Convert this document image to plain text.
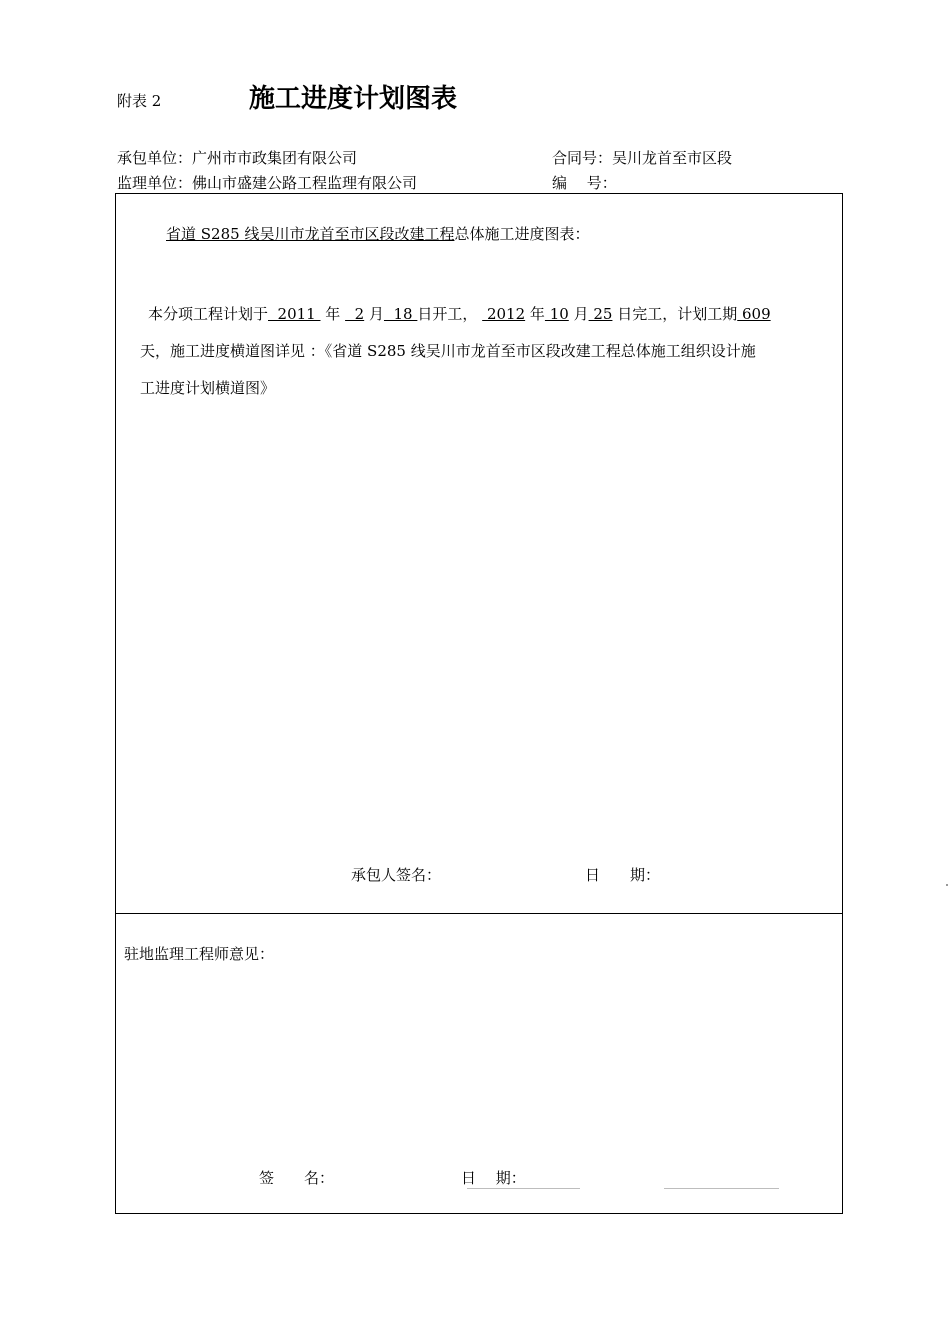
附表 2	施工进度计划图表
承包单位：广州市市政集团有限公司
监理单位：佛山市盛建公路工程监理有限公司
合同号：吴川龙首至市区段
编　 号：
省道 S285 线吴川市龙首至市区段改建工程总体施工进度图表：
本分项工程计划于  2011  年   2 月  18 日开工，  2012 年 10 月 25 日完工，计划工期 609
天，施工进度横道图详见 ：《省道 S285 线吴川市龙首至市区段改建工程总体施工组织设计施
工进度计划横道图》
承包人签名：	日　　期：
驻地监理工程师意见：
签　　名：	日　 期：
